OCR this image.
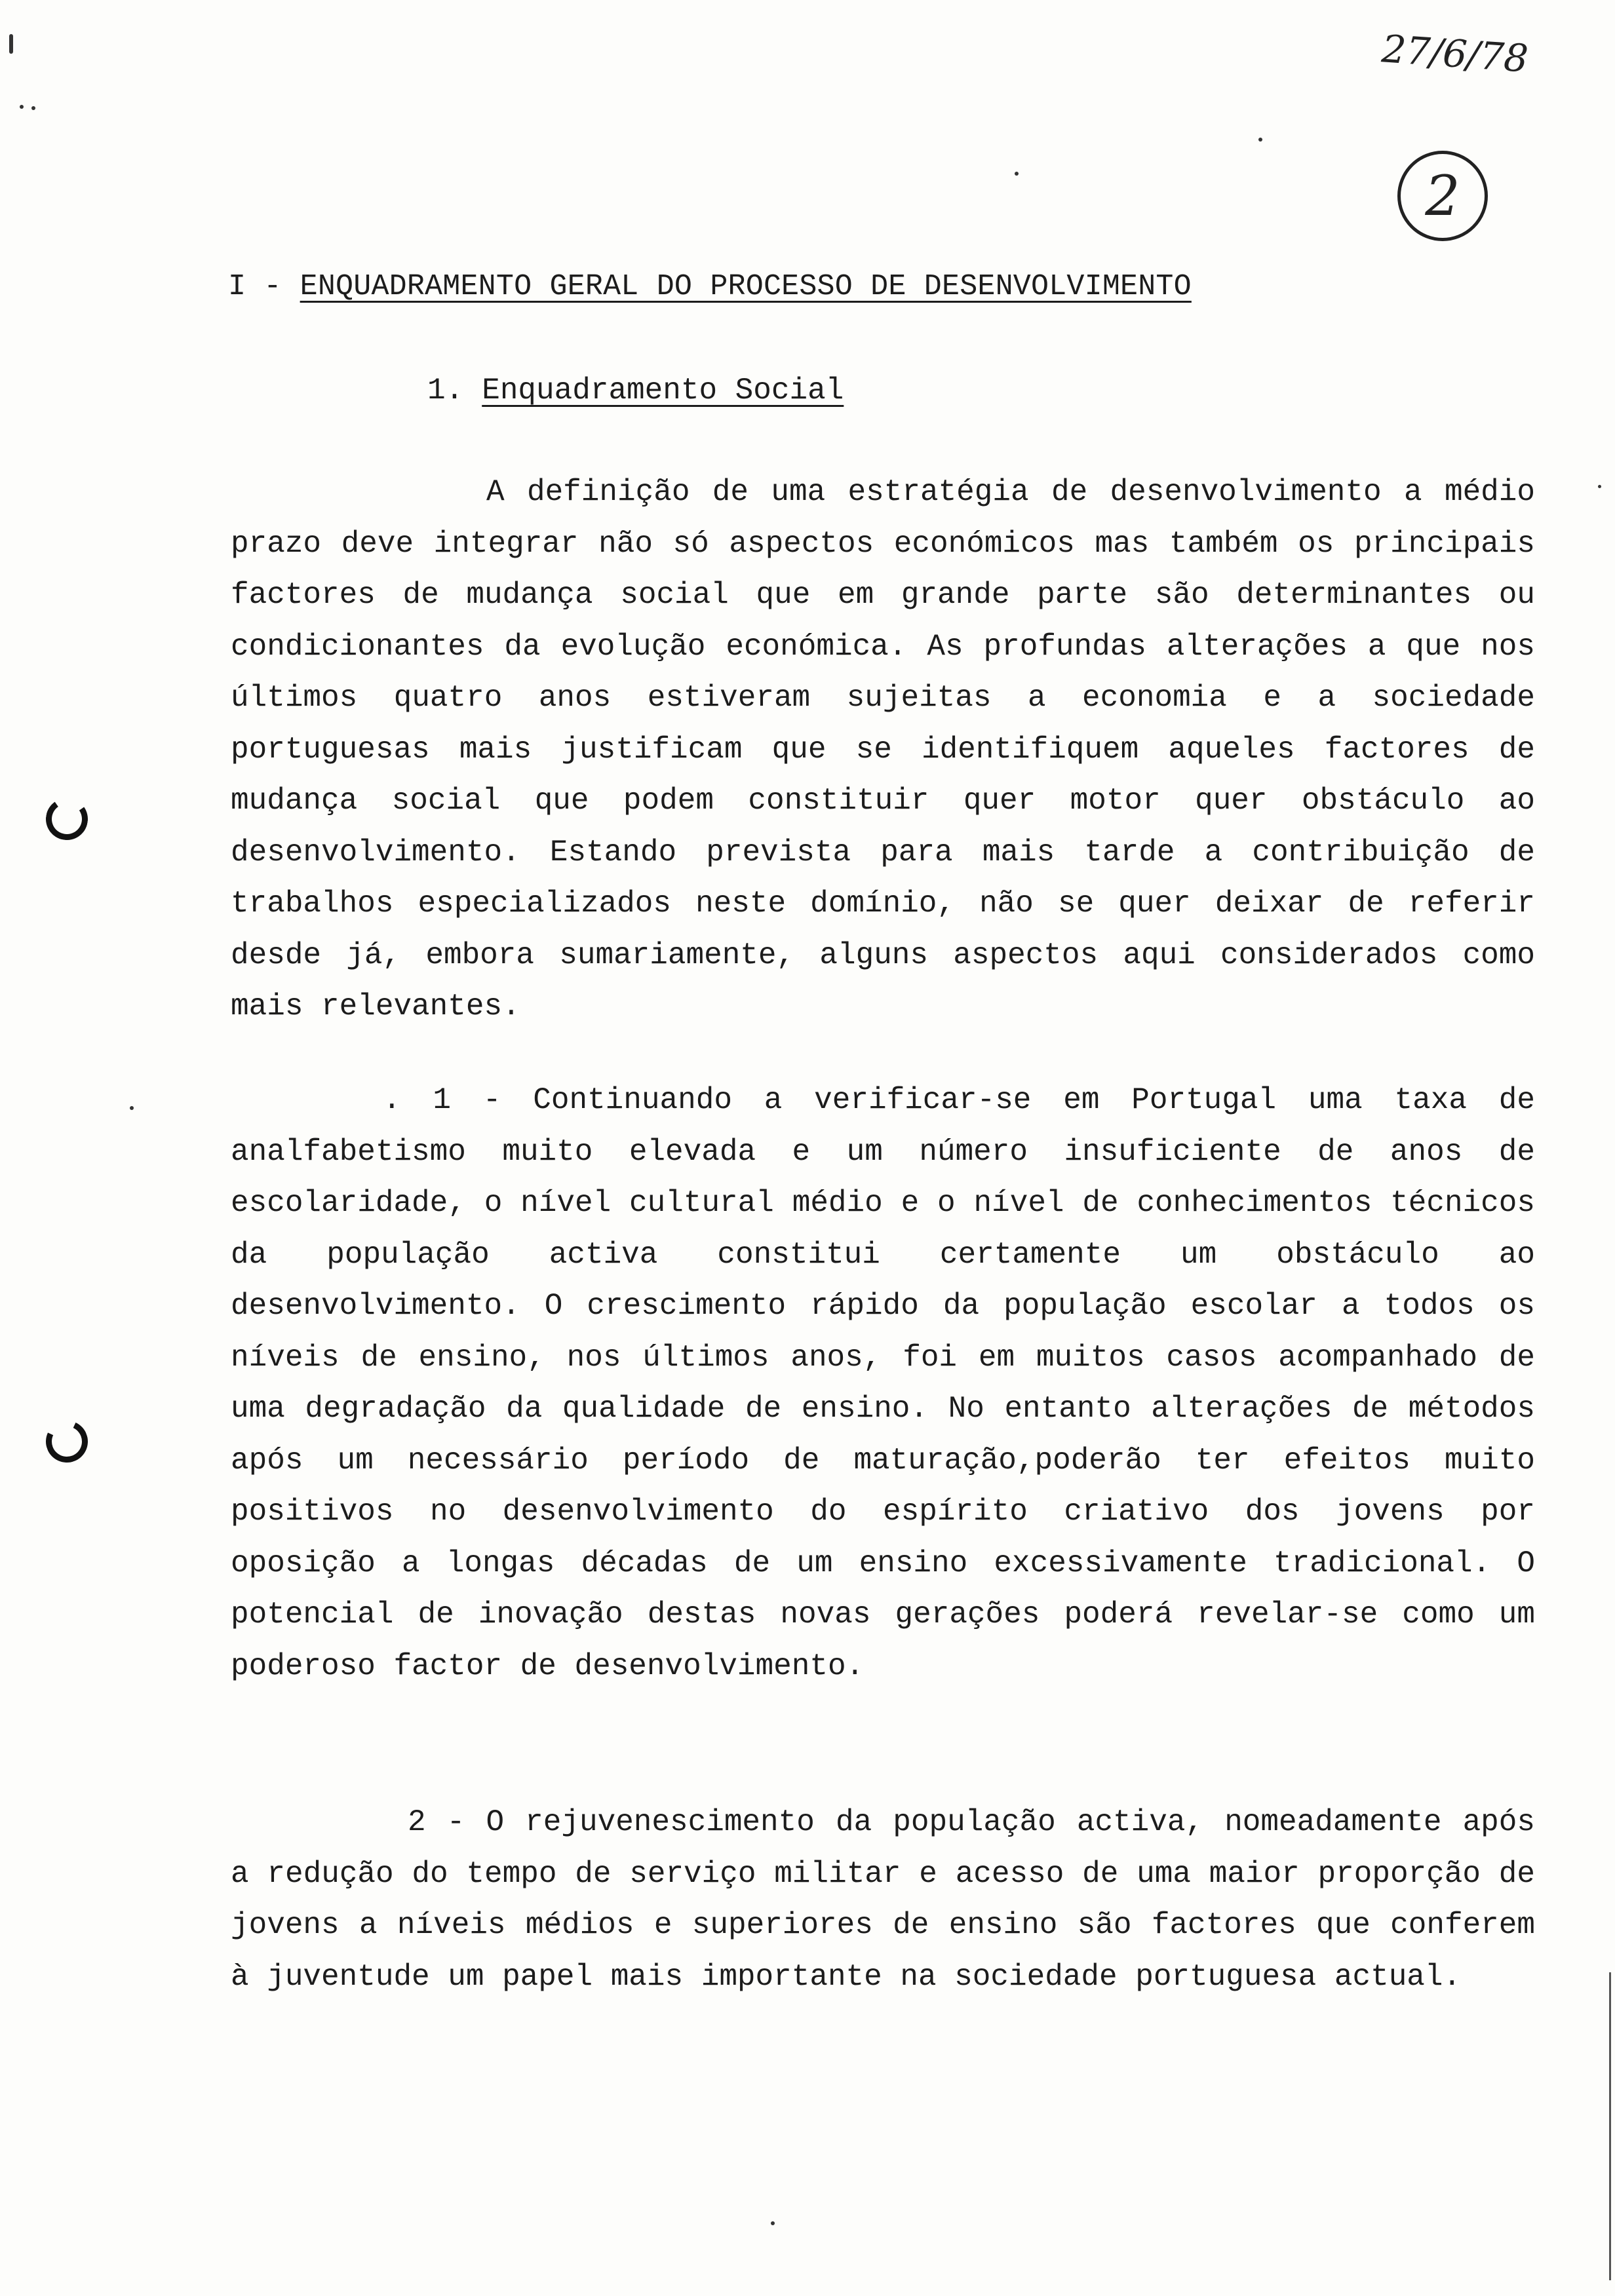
27/6/78
2
I - ENQUADRAMENTO GERAL DO PROCESSO DE DESENVOLVIMENTO
1. Enquadramento Social

A definição de uma estratégia de desenvolvimento a médio prazo deve integrar não só aspectos económicos mas também os principais factores de mudança social que em grande parte são determinantes ou condicionantes da evolução económica. As profundas alterações a que nos últimos quatro anos estiveram sujeitas a economia e a sociedade portuguesas mais justificam que se identifiquem aqueles factores de mudança social que podem constituir quer motor quer obstáculo ao desenvolvimento. Estando prevista para mais tarde a contribuição de trabalhos especializados neste domínio, não se quer deixar de referir desde já, embora sumariamente, alguns aspectos aqui considerados como mais relevantes.

. 1 - Continuando a verificar-se em Portugal uma taxa de analfabetismo muito elevada e um número insuficiente de anos de escolaridade, o nível cultural médio e o nível de conhecimentos técnicos da população activa constitui certamente um obstáculo ao desenvolvimento. O crescimento rápido da população escolar a todos os níveis de ensino, nos últimos anos, foi em muitos casos acompanhado de uma degradação da qualidade de ensino. No entanto alterações de métodos após um necessário período de maturação,poderão ter efeitos muito positivos no desenvolvimento do espírito criativo dos jovens por oposição a longas décadas de um ensino excessivamente tradicional. O potencial de inovação destas novas gerações poderá revelar-se como um poderoso factor de desenvolvimento.

2 - O rejuvenescimento da população activa, nomeadamente após a redução do tempo de serviço militar e acesso de uma maior proporção de jovens a níveis médios e superiores de ensino são factores que conferem à juventude um papel mais importante na sociedade portuguesa actual.
